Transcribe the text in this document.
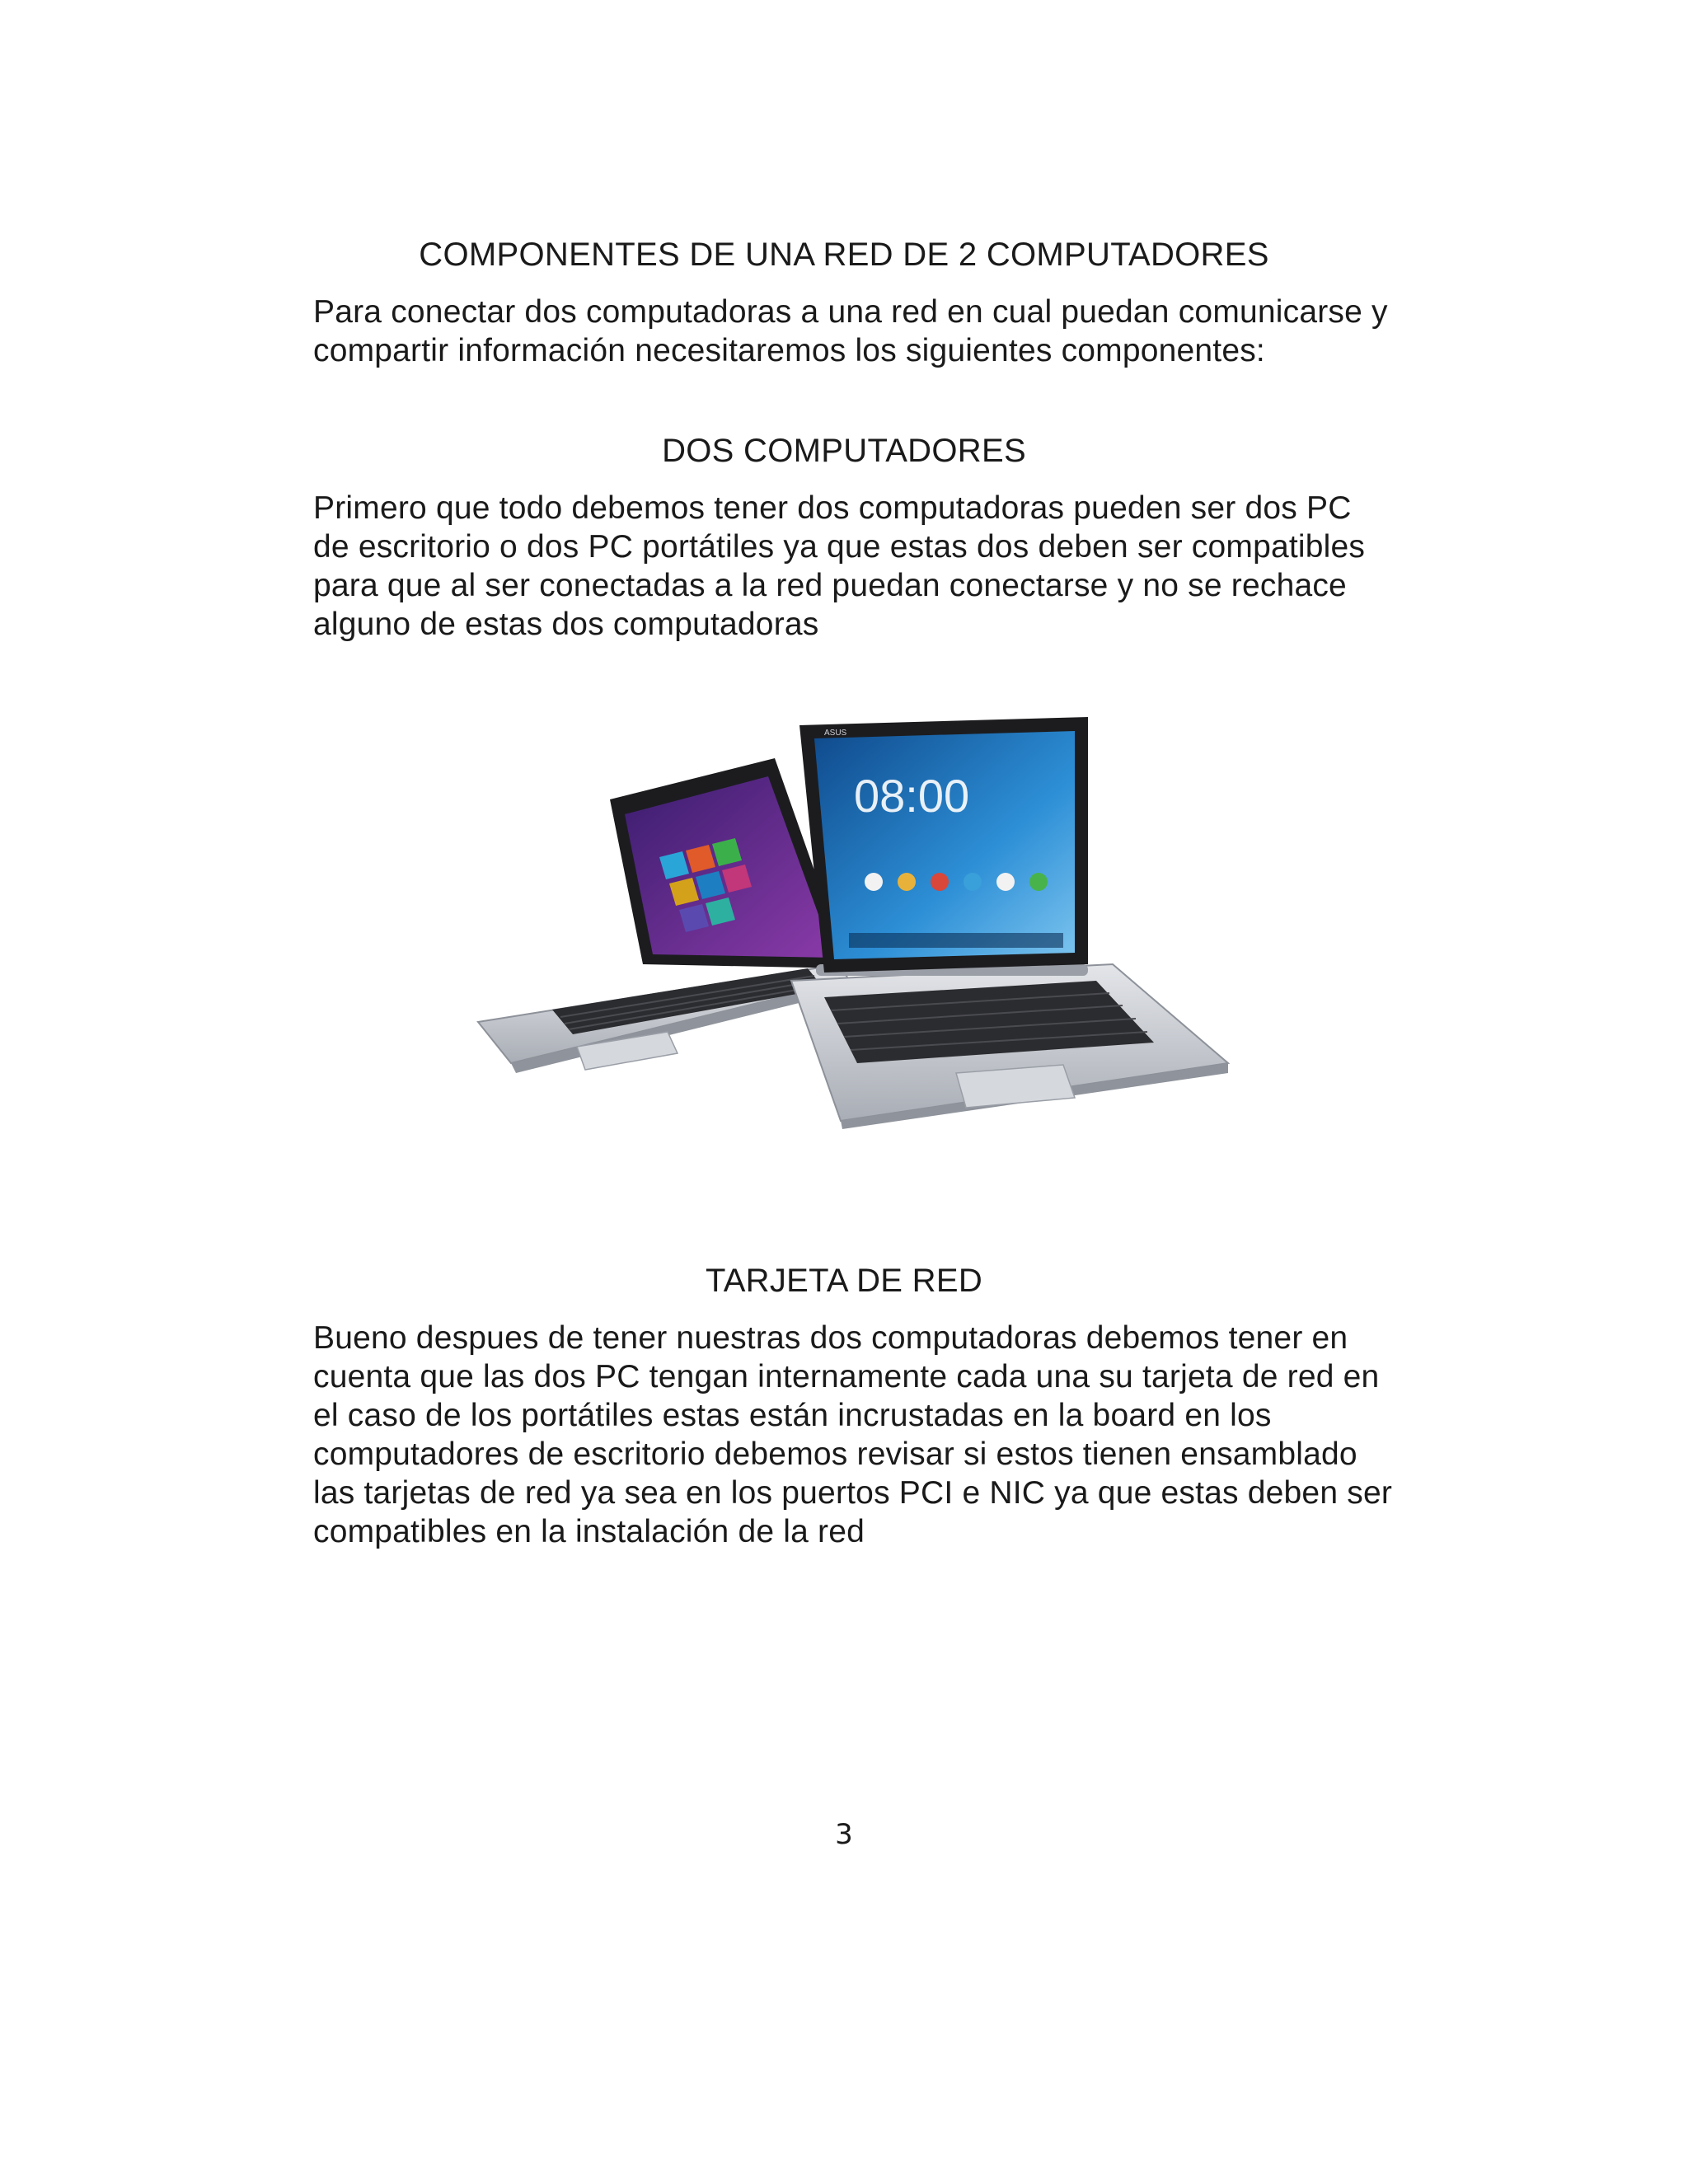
COMPONENTES DE UNA RED DE 2 COMPUTADORES

Para conectar dos computadoras a una red en cual puedan comunicarse y compartir información necesitaremos los siguientes componentes:

DOS COMPUTADORES

Primero que todo debemos tener dos computadoras pueden ser dos PC de escritorio o dos PC portátiles ya que estas dos deben ser compatibles para que al ser conectadas a la red puedan conectarse y no se rechace alguno de estas dos computadoras

08:00
ASUS
TARJETA DE RED

Bueno despues de tener nuestras dos computadoras debemos tener en cuenta que las dos PC tengan internamente cada una su tarjeta de red en el caso de los portátiles estas están incrustadas en la board en los computadores de escritorio debemos revisar si estos tienen ensamblado las tarjetas de red ya sea en los puertos PCI e NIC ya que estas deben ser compatibles en la instalación de la red

3
